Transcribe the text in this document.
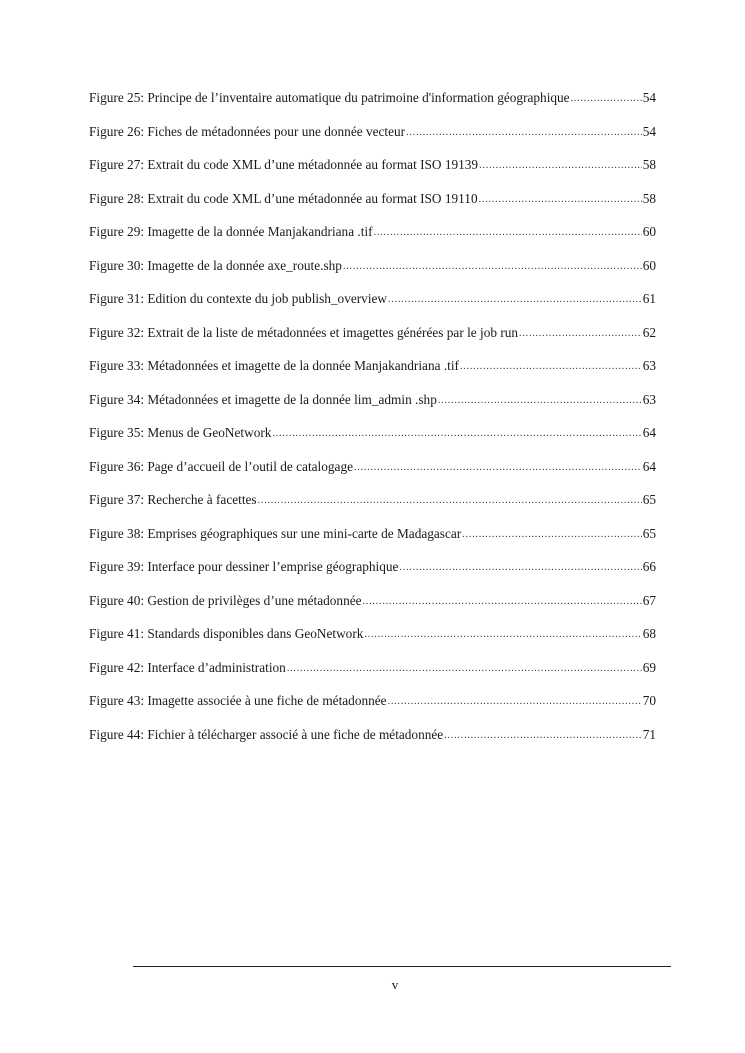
Figure 25: Principe de l’inventaire automatique du patrimoine d'information géographique .....	54
Figure 26: Fiches de métadonnées pour une donnée vecteur .....	54
Figure 27: Extrait du code XML d’une métadonnée au format ISO 19139 .....	58
Figure 28: Extrait du code XML d’une métadonnée au format ISO 19110 .....	58
Figure 29: Imagette de la donnée Manjakandriana .tif .....	60
Figure 30: Imagette de la donnée axe_route.shp .....	60
Figure 31: Edition du contexte du job publish_overview .....	61
Figure 32: Extrait de la liste de métadonnées et imagettes générées par le job run .....	62
Figure 33: Métadonnées et imagette de la donnée Manjakandriana .tif .....	63
Figure 34: Métadonnées et imagette de la donnée lim_admin .shp .....	63
Figure 35: Menus de GeoNetwork .....	64
Figure 36: Page d’accueil de l’outil de catalogage .....	64
Figure 37: Recherche à facettes .....	65
Figure 38: Emprises géographiques sur une mini-carte de Madagascar .....	65
Figure 39: Interface pour dessiner l’emprise géographique .....	66
Figure 40: Gestion de privilèges d’une métadonnée .....	67
Figure 41: Standards disponibles dans GeoNetwork .....	68
Figure 42: Interface d’administration .....	69
Figure 43: Imagette associée à une fiche de métadonnée .....	70
Figure 44: Fichier à télécharger associé à une fiche de métadonnée .....	71
v
